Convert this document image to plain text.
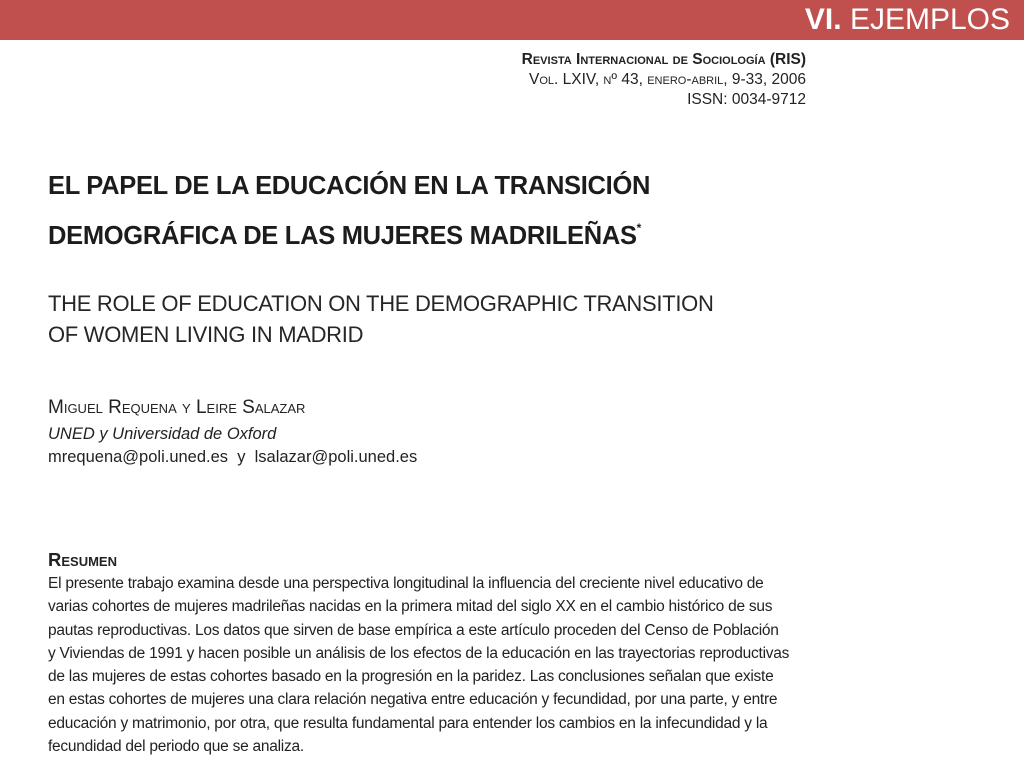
VI. EJEMPLOS
Revista Internacional de Sociología (RIS)
Vol. LXIV, nº 43, enero-abril, 9-33, 2006
ISSN: 0034-9712
EL PAPEL DE LA EDUCACIÓN EN LA TRANSICIÓN
DEMOGRÁFICA DE LAS MUJERES MADRILEÑAS*
THE ROLE OF EDUCATION ON THE DEMOGRAPHIC TRANSITION
OF WOMEN LIVING IN MADRID
Miguel Requena y Leire Salazar
UNED y Universidad de Oxford
mrequena@poli.uned.es  y  lsalazar@poli.uned.es
Resumen
El presente trabajo examina desde una perspectiva longitudinal la influencia del creciente nivel educativo de
varias cohortes de mujeres madrileñas nacidas en la primera mitad del siglo XX en el cambio histórico de sus
pautas reproductivas. Los datos que sirven de base empírica a este artículo proceden del Censo de Población
y Viviendas de 1991 y hacen posible un análisis de los efectos de la educación en las trayectorias reproductivas
de las mujeres de estas cohortes basado en la progresión en la paridez. Las conclusiones señalan que existe
en estas cohortes de mujeres una clara relación negativa entre educación y fecundidad, por una parte, y entre
educación y matrimonio, por otra, que resulta fundamental para entender los cambios en la infecundidad y la
fecundidad del periodo que se analiza.
